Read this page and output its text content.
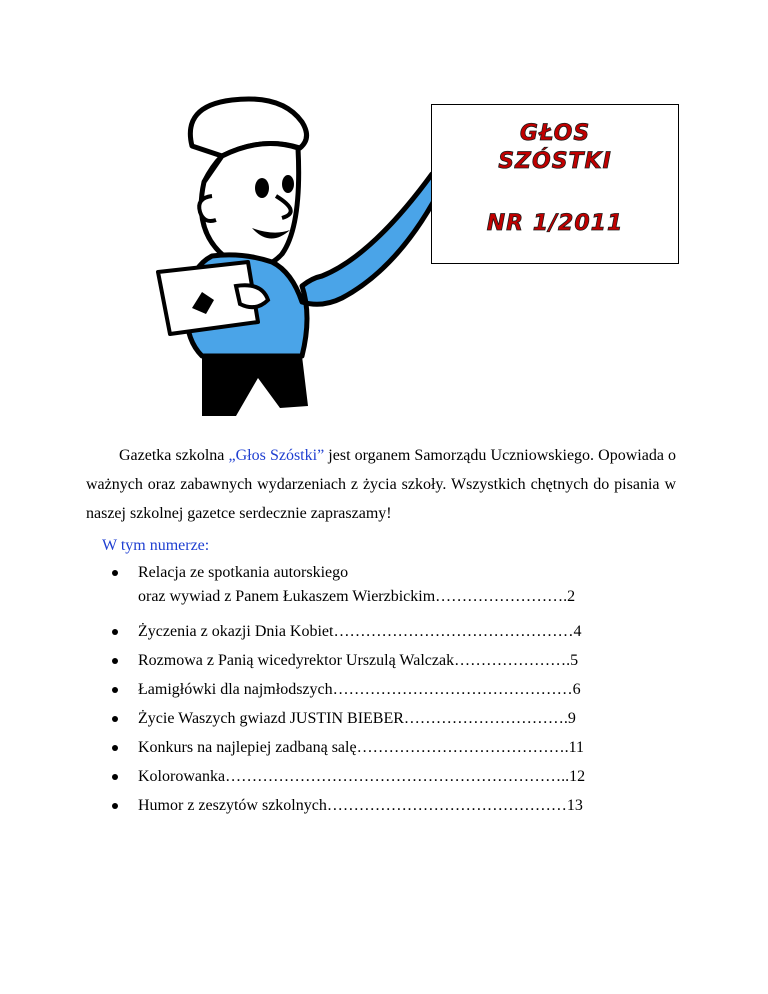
GŁOS
SZÓSTKI
NR 1/2011
Gazetka szkolna „Głos Szóstki” jest organem Samorządu Uczniowskiego. Opowiada o ważnych oraz zabawnych wydarzeniach z życia szkoły. Wszystkich chętnych do pisania w naszej szkolnej gazetce serdecznie zapraszamy!
W tym numerze:
Relacja ze spotkania autorskiego
oraz wywiad z Panem Łukaszem Wierzbickim…………………….2
Życzenia z okazji Dnia Kobiet………………………………………4
Rozmowa z Panią wicedyrektor Urszulą Walczak………………….5
Łamigłówki dla najmłodszych………………………………………6
Życie Waszych gwiazd JUSTIN BIEBER………………………….9
Konkurs na najlepiej zadbaną salę………………………………….11
Kolorowanka………………………………………………………..12
Humor z zeszytów szkolnych………………………………………13
